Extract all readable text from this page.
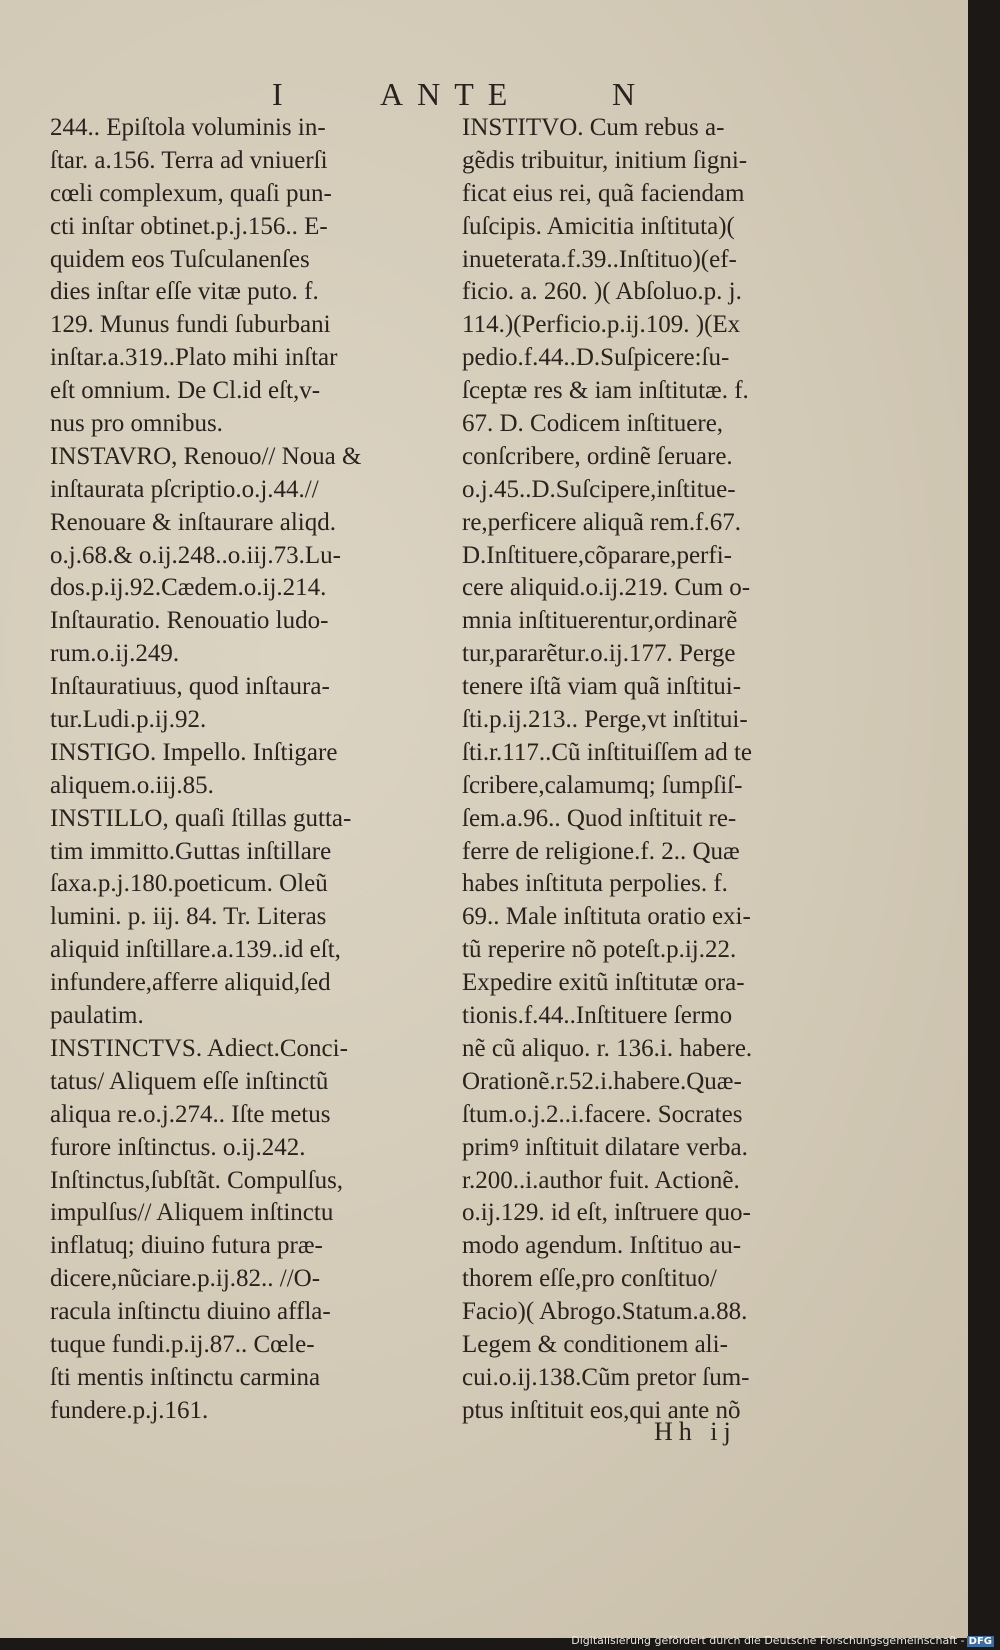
I	ANTE	N
244.. Epiſtola voluminis in-
ſtar. a.156. Terra ad vniuerſi
cœli complexum, quaſi pun-
cti inſtar obtinet.p.j.156.. E-
quidem eos Tuſculanenſes
dies inſtar eſſe vitæ puto. f.
129. Munus fundi ſuburbani
inſtar.a.319..Plato mihi inſtar
eſt omnium. De Cl.id eſt,v-
nus pro omnibus.
INSTAVRO, Renouo// Noua &
inſtaurata pſcriptio.o.j.44.//
Renouare & inſtaurare aliqd.
o.j.68.& o.ij.248..o.iij.73.Lu-
dos.p.ij.92.Cædem.o.ij.214.
Inſtauratio. Renouatio ludo-
rum.o.ij.249.
Inſtauratiuus, quod inſtaura-
tur.Ludi.p.ij.92.
INSTIGO. Impello. Inſtigare
aliquem.o.iij.85.
INSTILLO, quaſi ſtillas gutta-
tim immitto.Guttas inſtillare
ſaxa.p.j.180.poeticum. Oleũ
lumini. p. iij. 84. Tr. Literas
aliquid inſtillare.a.139..id eſt,
infundere,afferre aliquid,ſed
paulatim.
INSTINCTVS. Adiect.Conci-
tatus/ Aliquem eſſe inſtinctũ
aliqua re.o.j.274.. Iſte metus
furore inſtinctus. o.ij.242.
Inſtinctus,ſubſtãt. Compulſus,
impulſus// Aliquem inſtinctu
inflatuq; diuino futura præ-
dicere,nũciare.p.ij.82.. //O-
racula inſtinctu diuino affla-
tuque fundi.p.ij.87.. Cœle-
ſti mentis inſtinctu carmina
fundere.p.j.161.
INSTITVO. Cum rebus a-
gẽdis tribuitur, initium ſigni-
ficat eius rei, quã faciendam
ſuſcipis. Amicitia inſtituta)(
inueterata.f.39..Inſtituo)(ef-
ficio. a. 260. )( Abſoluo.p. j.
114.)(Perficio.p.ij.109. )(Ex
pedio.f.44..D.Suſpicere:ſu-
ſceptæ res & iam inſtitutæ. f.
67. D. Codicem inſtituere,
conſcribere, ordinẽ ſeruare.
o.j.45..D.Suſcipere,inſtitue-
re,perficere aliquã rem.f.67.
D.Inſtituere,cõparare,perfi-
cere aliquid.o.ij.219. Cum o-
mnia inſtituerentur,ordinarẽ
tur,pararẽtur.o.ij.177. Perge
tenere iſtã viam quã inſtitui-
ſti.p.ij.213.. Perge,vt inſtitui-
ſti.r.117..Cũ inſtituiſſem ad te
ſcribere,calamumq; ſumpſiſ-
ſem.a.96.. Quod inſtituit re-
ferre de religione.f. 2.. Quæ
habes inſtituta perpolies. f.
69.. Male inſtituta oratio exi-
tũ reperire nõ poteſt.p.ij.22.
Expedire exitũ inſtitutæ ora-
tionis.f.44..Inſtituere ſermo
nẽ cũ aliquo. r. 136.i. habere.
Orationẽ.r.52.i.habere.Quæ-
ſtum.o.j.2..i.facere. Socrates
primꝰ inſtituit dilatare verba.
r.200..i.author fuit. Actionẽ.
o.ij.129. id eſt, inſtruere quo-
modo agendum. Inſtituo au-
thorem eſſe,pro conſtituo/
Facio)( Abrogo.Statum.a.88.
Legem & conditionem ali-
cui.o.ij.138.Cũm pretor ſum-
ptus inſtituit eos,qui ante nõ
Hh ij
Digitalisierung gefördert durch die Deutsche Forschungsgemeinschaft - DFG
